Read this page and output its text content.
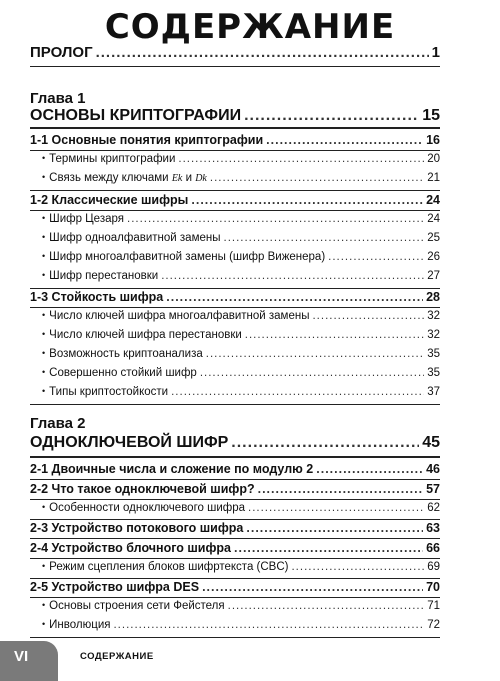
СОДЕРЖАНИЕ
ПРОЛОГ .....	1
Глава 1
ОСНОВЫ КРИПТОГРАФИИ .....	15
1-1 Основные понятия криптографии .....	16
• Термины криптографии .....	20
• Связь между ключами Ek и Dk .....	21
1-2 Классические шифры .....	24
• Шифр Цезаря .....	24
• Шифр одноалфавитной замены .....	25
• Шифр многоалфавитной замены (шифр Виженера) .....	26
• Шифр перестановки .....	27
1-3 Стойкость шифра .....	28
• Число ключей шифра многоалфавитной замены .....	32
• Число ключей шифра перестановки .....	32
• Возможность криптоанализа .....	35
• Совершенно стойкий шифр .....	35
• Типы криптостойкости .....	37
Глава 2
ОДНОКЛЮЧЕВОЙ ШИФР .....	45
2-1 Двоичные числа и сложение по модулю 2 .....	46
2-2 Что такое одноключевой шифр? .....	57
• Особенности одноключевого шифра .....	62
2-3 Устройство потокового шифра .....	63
2-4 Устройство блочного шифра .....	66
• Режим сцепления блоков шифртекста (CBC) .....	69
2-5 Устройство шифра DES .....	70
• Основы строения сети Фейстеля .....	71
• Инволюция .....	72
VI	СОДЕРЖАНИЕ
